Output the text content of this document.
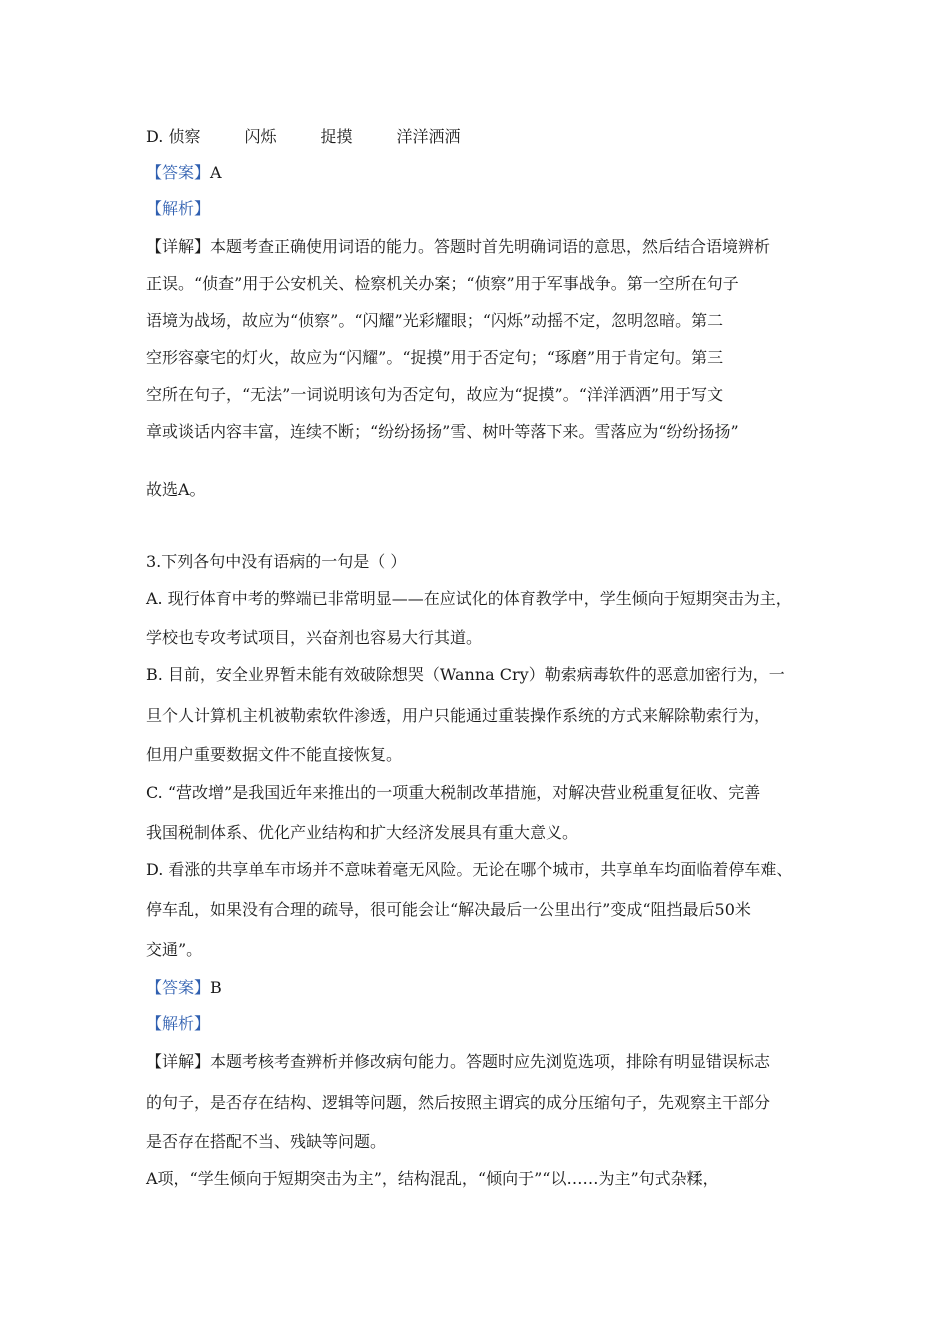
D. 侦察	闪烁	捉摸	洋洋洒洒
【答案】A
【解析】
【详解】本题考查正确使用词语的能力。答题时首先明确词语的意思，然后结合语境辨析
正误。“侦查”用于公安机关、检察机关办案；“侦察”用于军事战争。第一空所在句子
语境为战场，故应为“侦察”。“闪耀”光彩耀眼；“闪烁”动摇不定，忽明忽暗。第二
空形容豪宅的灯火，故应为“闪耀”。“捉摸”用于否定句；“琢磨”用于肯定句。第三
空所在句子，“无法”一词说明该句为否定句，故应为“捉摸”。“洋洋洒洒”用于写文
章或谈话内容丰富，连续不断；“纷纷扬扬”雪、树叶等落下来。雪落应为“纷纷扬扬”
故选A。
3.下列各句中没有语病的一句是（ ）
A. 现行体育中考的弊端已非常明显——在应试化的体育教学中，学生倾向于短期突击为主，
学校也专攻考试项目，兴奋剂也容易大行其道。
B. 目前，安全业界暂未能有效破除想哭（Wanna Cry）勒索病毒软件的恶意加密行为，一
旦个人计算机主机被勒索软件渗透，用户只能通过重装操作系统的方式来解除勒索行为，
但用户重要数据文件不能直接恢复。
C. “营改增”是我国近年来推出的一项重大税制改革措施，对解决营业税重复征收、完善
我国税制体系、优化产业结构和扩大经济发展具有重大意义。
D. 看涨的共享单车市场并不意味着毫无风险。无论在哪个城市，共享单车均面临着停车难、
停车乱，如果没有合理的疏导，很可能会让“解决最后一公里出行”变成“阻挡最后50米
交通”。
【答案】B
【解析】
【详解】本题考核考查辨析并修改病句能力。答题时应先浏览选项，排除有明显错误标志
的句子，是否存在结构、逻辑等问题，然后按照主谓宾的成分压缩句子，先观察主干部分
是否存在搭配不当、残缺等问题。
A项，“学生倾向于短期突击为主”，结构混乱，“倾向于”“以……为主”句式杂糅，
